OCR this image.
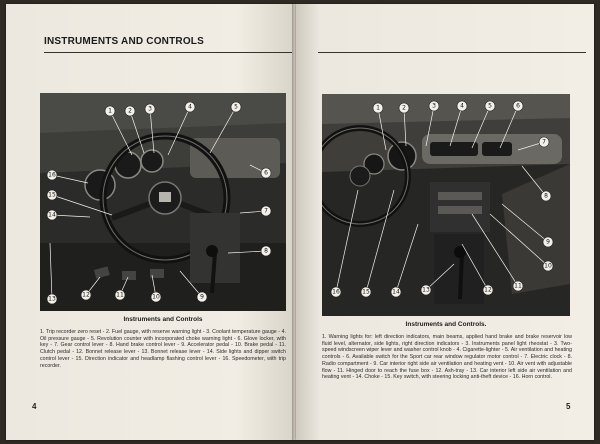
INSTRUMENTS AND CONTROLS
1	2	3	4	5
6
7
8
9
10
11
12
13
14
15
16
Instruments and Controls
1. Trip recorder zero reset - 2. Fuel gauge, with reserve warning light - 3. Coolant temperature gauge - 4. Oil pressure gauge - 5. Revolution counter with incorporated choke warning light - 6. Glove locker, with key - 7. Gear control lever - 8. Hand brake control lever - 9. Accelerator pedal - 10. Brake pedal - 11. Clutch pedal - 12. Bonnet release lever - 13. Bonnet release lever - 14. Side lights and dipper switch control lever - 15. Direction indicator and headlamp flashing control lever - 16. Speedometer, with trip recorder.
4
1	2	3	4	5	6
7
8
9
10
11
12
13
14
15
16
Instruments and Controls.
1. Warning lights for: left direction indicators, main beams, applied hand brake and brake reservoir low fluid level, alternator, side lights, right direction indicators - 3. Instruments panel light rheostat - 3. Two-speed windscreen wiper lever and washer control knob - 4. Cigarette-lighter - 5. Air ventilation and heating controls - 6. Available switch for the Sport car rear window regulator motor control - 7. Electric clock - 8. Radio compartment - 9. Car interior right side air ventilation and heating vent - 10. Air vent with adjustable flow - 11. Hinged door to reach the fuse box - 12. Ash-tray - 13. Car interior left side air ventilation and heating vent - 14. Choke - 15. Key switch, with steering locking anti-theft device - 16. Horn control.
5
